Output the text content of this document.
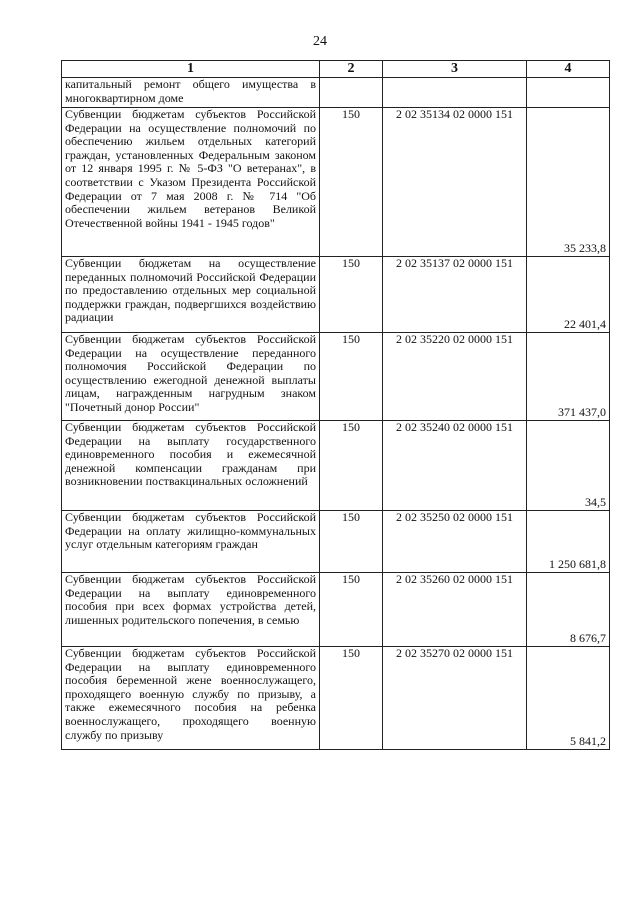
24
1	2	3	4
капитальный ремонт общего имущества в многоквартирном доме			
Субвенции бюджетам субъектов Российской Федерации на осуществление полномочий по обеспечению жильем отдельных категорий граждан, установленных Федеральным законом от 12 января 1995 г. № 5-ФЗ "О ветеранах", в соответствии с Указом Президента Российской Федерации от 7 мая 2008 г. № 714 "Об обеспечении жильем ветеранов Великой Отечественной войны 1941 - 1945 годов"	150	2 02 35134 02 0000 151	35 233,8
Субвенции бюджетам на осуществление переданных полномочий Российской Федерации по предоставлению отдельных мер социальной поддержки граждан, подвергшихся воздействию радиации	150	2 02 35137 02 0000 151	22 401,4
Субвенции бюджетам субъектов Российской Федерации на осуществление переданного полномочия Российской Федерации по осуществлению ежегодной денежной выплаты лицам, награжденным нагрудным знаком "Почетный донор России"	150	2 02 35220 02 0000 151	371 437,0
Субвенции бюджетам субъектов Российской Федерации на выплату государственного единовременного пособия и ежемесячной денежной компенсации гражданам при возникновении поствакцинальных осложнений	150	2 02 35240 02 0000 151	34,5
Субвенции бюджетам субъектов Российской Федерации на оплату жилищно-коммунальных услуг отдельным категориям граждан	150	2 02 35250 02 0000 151	1 250 681,8
Субвенции бюджетам субъектов Российской Федерации на выплату единовременного пособия при всех формах устройства детей, лишенных родительского попечения, в семью	150	2 02 35260 02 0000 151	8 676,7
Субвенции бюджетам субъектов Российской Федерации на выплату единовременного пособия беременной жене военнослужащего, проходящего военную службу по призыву, а также ежемесячного пособия на ребенка военнослужащего, проходящего военную службу по призыву	150	2 02 35270 02 0000 151	5 841,2
